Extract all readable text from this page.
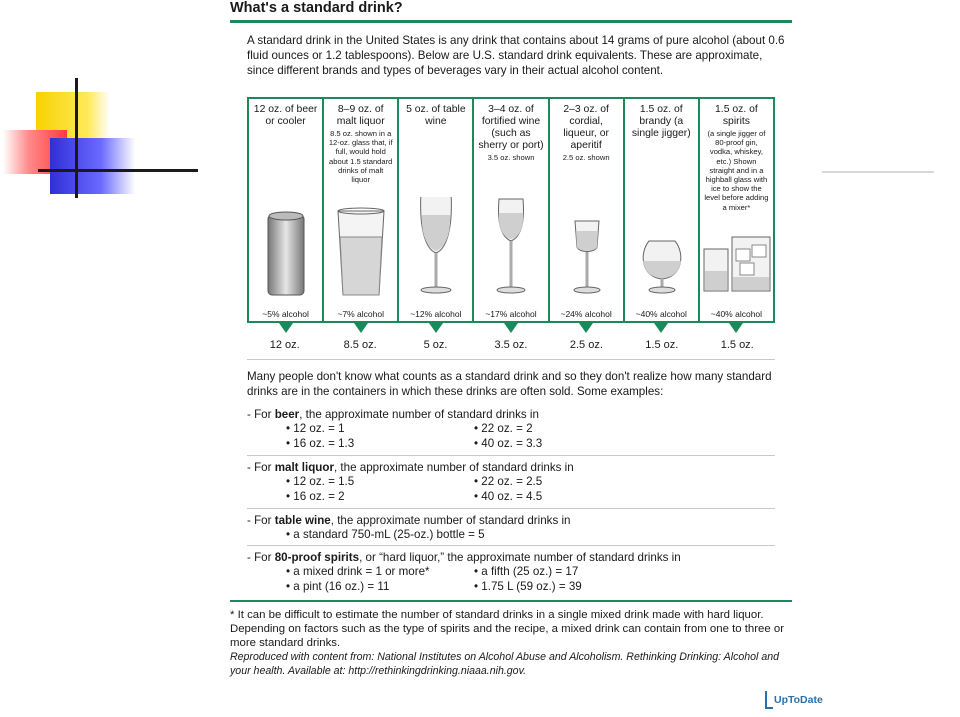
What's a standard drink?
A standard drink in the United States is any drink that contains about 14 grams of pure alcohol (about 0.6 fluid ounces or 1.2 tablespoons). Below are U.S. standard drink equivalents. These are approximate, since different brands and types of beverages vary in their actual alcohol content.
12 oz. of beer or cooler
~5% alcohol
8–9 oz. of malt liquor
8.5 oz. shown in a 12-oz. glass that, if full, would hold about 1.5 standard drinks of malt liquor
~7% alcohol
5 oz. of table wine
~12% alcohol
3–4 oz. of fortified wine (such as sherry or port)
3.5 oz. shown
~17% alcohol
2–3 oz. of cordial, liqueur, or aperitif
2.5 oz. shown
~24% alcohol
1.5 oz. of brandy (a single jigger)
~40% alcohol
1.5 oz. of spirits
(a single jigger of 80-proof gin, vodka, whiskey, etc.) Shown straight and in a highball glass with ice to show the level before adding a mixer*
~40% alcohol
12 oz.	8.5 oz.	5 oz.	3.5 oz.	2.5 oz.	1.5 oz.	1.5 oz.
Many people don't know what counts as a standard drink and so they don't realize how many standard drinks are in the containers in which these drinks are often sold. Some examples:
- For beer, the approximate number of standard drinks in
• 12 oz. = 1	• 22 oz. = 2
• 16 oz. = 1.3	• 40 oz. = 3.3
- For malt liquor, the approximate number of standard drinks in
• 12 oz. = 1.5	• 22 oz. = 2.5
• 16 oz. = 2	• 40 oz. = 4.5
- For table wine, the approximate number of standard drinks in
• a standard 750-mL (25-oz.) bottle = 5
- For 80-proof spirits, or “hard liquor,” the approximate number of standard drinks in
• a mixed drink = 1 or more*	• a fifth (25 oz.) = 17
• a pint (16 oz.) = 11	• 1.75 L (59 oz.) = 39
* It can be difficult to estimate the number of standard drinks in a single mixed drink made with hard liquor. Depending on factors such as the type of spirits and the recipe, a mixed drink can contain from one to three or more standard drinks.
Reproduced with content from: National Institutes on Alcohol Abuse and Alcoholism. Rethinking Drinking: Alcohol and your health. Available at: http://rethinkingdrinking.niaaa.nih.gov.
UpToDate
